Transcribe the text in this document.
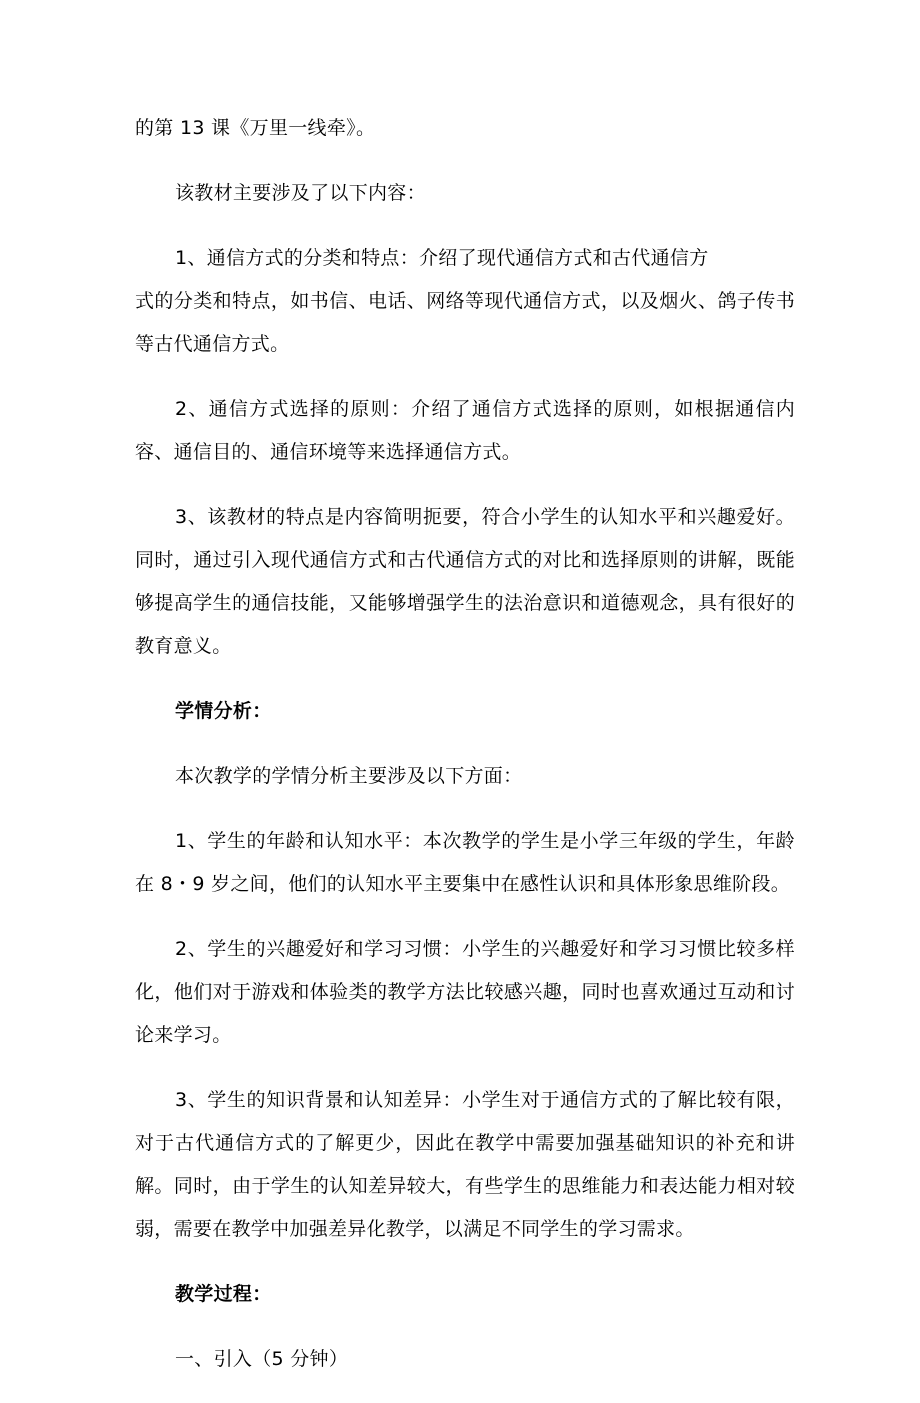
的第 13 课《万里一线牵》。

该教材主要涉及了以下内容：

1、通信方式的分类和特点：介绍了现代通信方式和古代通信方
式的分类和特点，如书信、电话、网络等现代通信方式，以及烟火、鸽子传书等古代通信方式。

2、通信方式选择的原则：介绍了通信方式选择的原则，如根据通信内容、通信目的、通信环境等来选择通信方式。

3、该教材的特点是内容简明扼要，符合小学生的认知水平和兴趣爱好。同时，通过引入现代通信方式和古代通信方式的对比和选择原则的讲解，既能够提高学生的通信技能，又能够增强学生的法治意识和道德观念，具有很好的教育意义。

学情分析：

本次教学的学情分析主要涉及以下方面：

1、学生的年龄和认知水平：本次教学的学生是小学三年级的学生，年龄在 8・9 岁之间，他们的认知水平主要集中在感性认识和具体形象思维阶段。

2、学生的兴趣爱好和学习习惯：小学生的兴趣爱好和学习习惯比较多样化，他们对于游戏和体验类的教学方法比较感兴趣，同时也喜欢通过互动和讨论来学习。

3、学生的知识背景和认知差异：小学生对于通信方式的了解比较有限，对于古代通信方式的了解更少，因此在教学中需要加强基础知识的补充和讲解。同时，由于学生的认知差异较大，有些学生的思维能力和表达能力相对较弱，需要在教学中加强差异化教学，以满足不同学生的学习需求。

教学过程：

一、引入（5 分钟）
